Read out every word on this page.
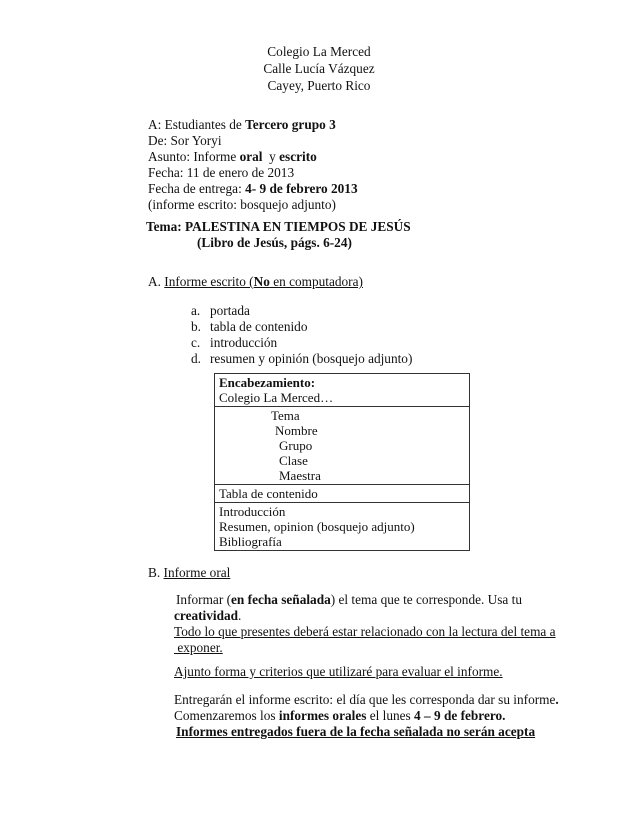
Colegio La Merced
Calle Lucía Vázquez
Cayey, Puerto Rico
A: Estudiantes de Tercero grupo 3
De: Sor Yoryi
Asunto: Informe oral  y escrito
Fecha: 11 de enero de 2013
Fecha de entrega: 4- 9 de febrero 2013
(informe escrito: bosquejo adjunto)
Tema: PALESTINA EN TIEMPOS DE JESÚS
(Libro de Jesús, págs. 6-24)
A. Informe escrito (No en computadora)
a. portada
b. tabla de contenido
c. introducción
d. resumen y opinión (bosquejo adjunto)
Encabezamiento:
Colegio La Merced…

Tema
Nombre
Grupo
Clase
Maestra

Tabla de contenido

Introducción
Resumen, opinion (bosquejo adjunto)
Bibliografía
B. Informe oral
Informar (en fecha señalada) el tema que te corresponde. Usa tu
creatividad.
Todo lo que presentes deberá estar relacionado con la lectura del tema a
exponer.
Ajunto forma y criterios que utilizaré para evaluar el informe.
Entregarán el informe escrito: el día que les corresponda dar su informe.
Comenzaremos los informes orales el lunes 4 – 9 de febrero.
Informes entregados fuera de la fecha señalada no serán acepta
